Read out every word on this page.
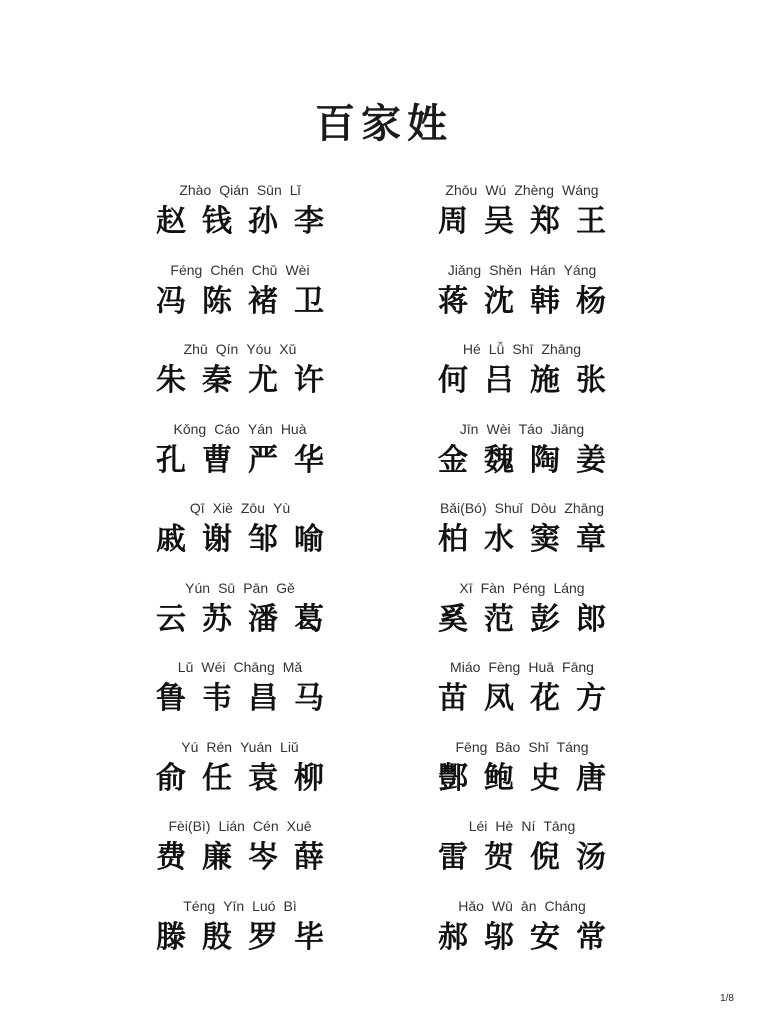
百家姓
Zhào Qián Sūn Lǐ
赵 钱 孙 李
Féng Chén Chǔ Wèi
冯 陈 褚 卫
Zhū Qín Yóu Xǔ
朱 秦 尤 许
Kǒng Cáo Yán Huà
孔 曹 严 华
Qī Xiè Zōu Yù
戚 谢 邹 喻
Yún Sū Pān Gě
云 苏 潘 葛
Lǔ Wéi Chāng Mǎ
鲁 韦 昌 马
Yú Rén Yuán Liǔ
俞 任 袁 柳
Fèi(Bì) Lián Cén Xuē
费 廉 岑 薛
Téng Yīn Luó Bì
滕 殷 罗 毕
Zhōu Wú Zhèng Wáng
周 吴 郑 王
Jiǎng Shěn Hán Yáng
蒋 沈 韩 杨
Hé Lǚ Shī Zhāng
何 吕 施 张
Jīn Wèi Táo Jiāng
金 魏 陶 姜
Bǎi(Bó) Shuǐ Dòu Zhāng
柏 水 窦 章
Xī Fàn Péng Láng
奚 范 彭 郎
Miáo Fèng Huā Fāng
苗 凤 花 方
Fēng Bào Shǐ Táng
酆 鲍 史 唐
Léi Hè Ní Tāng
雷 贺 倪 汤
Hǎo Wū ān Cháng
郝 邬 安 常
1/8
